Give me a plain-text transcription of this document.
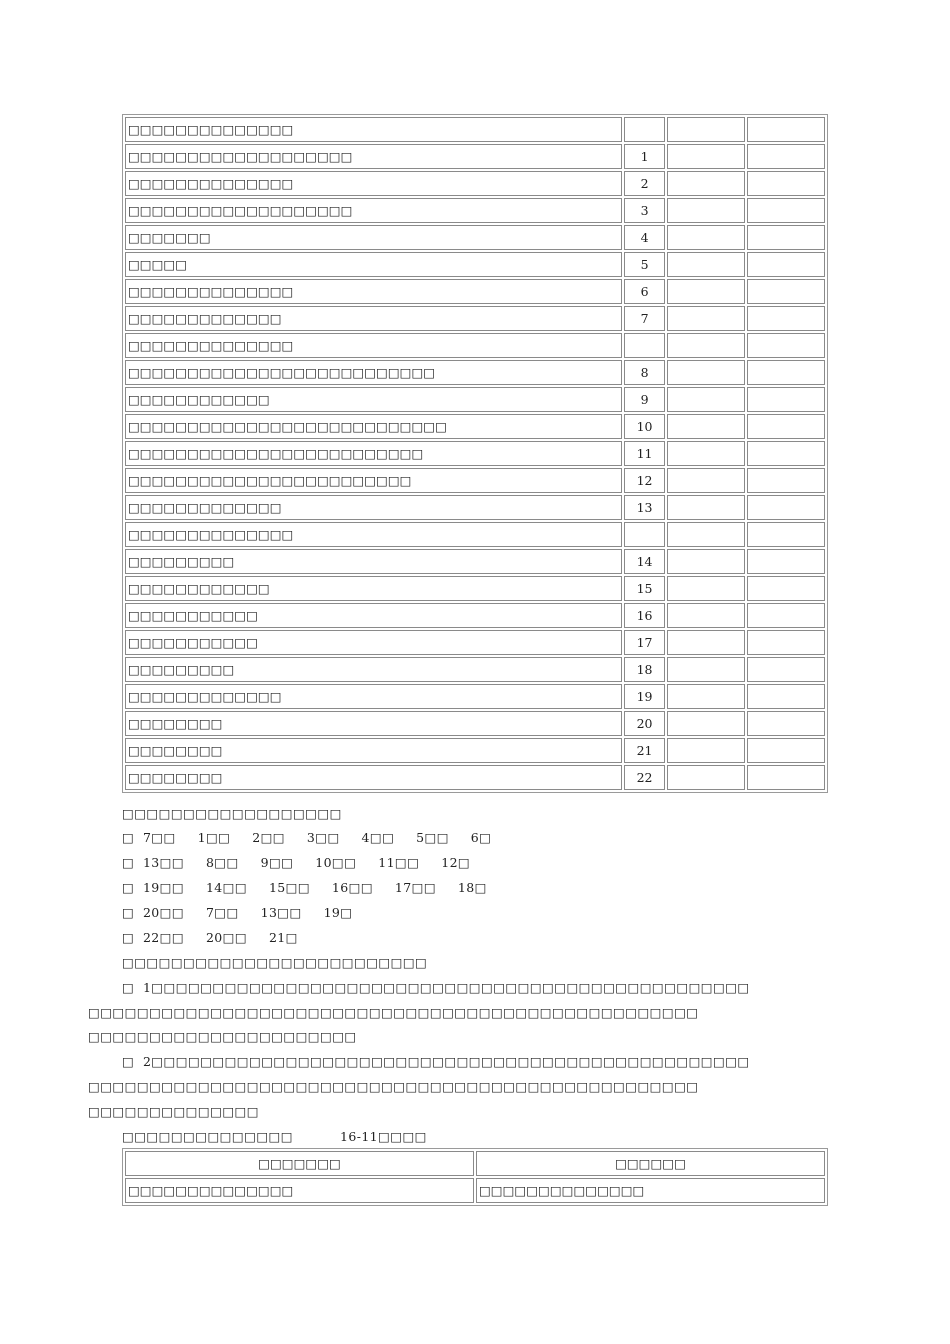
□□□□□□□□□□□□□□			
□□□□□□□□□□□□□□□□□□□	1		
□□□□□□□□□□□□□□	2		
□□□□□□□□□□□□□□□□□□□	3		
□□□□□□□	4		
□□□□□	5		
□□□□□□□□□□□□□□	6		
□□□□□□□□□□□□□	7		
□□□□□□□□□□□□□□			
□□□□□□□□□□□□□□□□□□□□□□□□□□	8		
□□□□□□□□□□□□	9		
□□□□□□□□□□□□□□□□□□□□□□□□□□□	10		
□□□□□□□□□□□□□□□□□□□□□□□□□	11		
□□□□□□□□□□□□□□□□□□□□□□□□	12		
□□□□□□□□□□□□□	13		
□□□□□□□□□□□□□□			
□□□□□□□□□	14		
□□□□□□□□□□□□	15		
□□□□□□□□□□□	16		
□□□□□□□□□□□	17		
□□□□□□□□□	18		
□□□□□□□□□□□□□	19		
□□□□□□□□	20		
□□□□□□□□	21		
□□□□□□□□	22		
□□□□□□□□□□□□□□□□□□
□  7□□     1□□     2□□     3□□     4□□     5□□     6□
□  13□□     8□□     9□□     10□□     11□□     12□
□  19□□     14□□     15□□     16□□     17□□     18□
□  20□□     7□□     13□□     19□
□  22□□     20□□     21□
□□□□□□□□□□□□□□□□□□□□□□□□□
□  1□□□□□□□□□□□□□□□□□□□□□□□□□□□□□□□□□□□□□□□□□□□□□□□□□
□□□□□□□□□□□□□□□□□□□□□□□□□□□□□□□□□□□□□□□□□□□□□□□□□□
□□□□□□□□□□□□□□□□□□□□□□
□  2□□□□□□□□□□□□□□□□□□□□□□□□□□□□□□□□□□□□□□□□□□□□□□□□□
□□□□□□□□□□□□□□□□□□□□□□□□□□□□□□□□□□□□□□□□□□□□□□□□□□
□□□□□□□□□□□□□□
□□□□□□□□□□□□□□	16-11□□□□
□□□□□□□	□□□□□□
□□□□□□□□□□□□□□	□□□□□□□□□□□□□□
